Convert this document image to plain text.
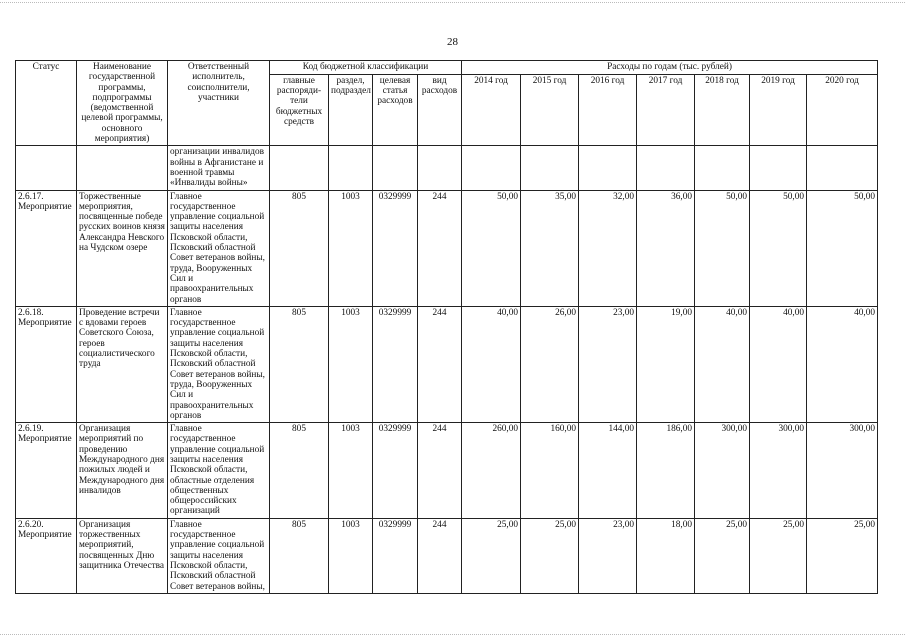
28
Статус	Наименование государственной программы, подпрограммы (ведомственной целевой программы, основного мероприятия)	Ответственный исполнитель, соисполнители, участники	Код бюджетной классификации				Расходы по годам (тыс. рублей)						
			главные распоряди-тели бюджетных средств	раздел, подраздел	целевая статья расходов	вид расходов	2014 год	2015 год	2016 год	2017 год	2018 год	2019 год	2020 год
		организации инвалидов войны в Афганистане и военной травмы «Инвалиды войны»											
2.6.17. Мероприятие	Торжественные мероприятия, посвященные победе русских воинов князя Александра Невского на Чудском озере	Главное государственное управление социальной защиты населения Псковской области, Псковский областной Совет ветеранов войны, труда, Вооруженных Сил и правоохранительных органов	805	1003	0329999	244	50,00	35,00	32,00	36,00	50,00	50,00	50,00
2.6.18. Мероприятие	Проведение встречи с вдовами героев Советского Союза, героев социалистического труда	Главное государственное управление социальной защиты населения Псковской области, Псковский областной Совет ветеранов войны, труда, Вооруженных Сил и правоохранительных органов	805	1003	0329999	244	40,00	26,00	23,00	19,00	40,00	40,00	40,00
2.6.19. Мероприятие	Организация мероприятий по проведению Международного дня пожилых людей и Международного дня инвалидов	Главное государственное управление социальной защиты населения Псковской области, областные отделения общественных общероссийских организаций	805	1003	0329999	244	260,00	160,00	144,00	186,00	300,00	300,00	300,00
2.6.20. Мероприятие	Организация торжественных мероприятий, посвященных Дню защитника Отечества	Главное государственное управление социальной защиты населения Псковской области, Псковский областной Совет ветеранов войны,	805	1003	0329999	244	25,00	25,00	23,00	18,00	25,00	25,00	25,00
